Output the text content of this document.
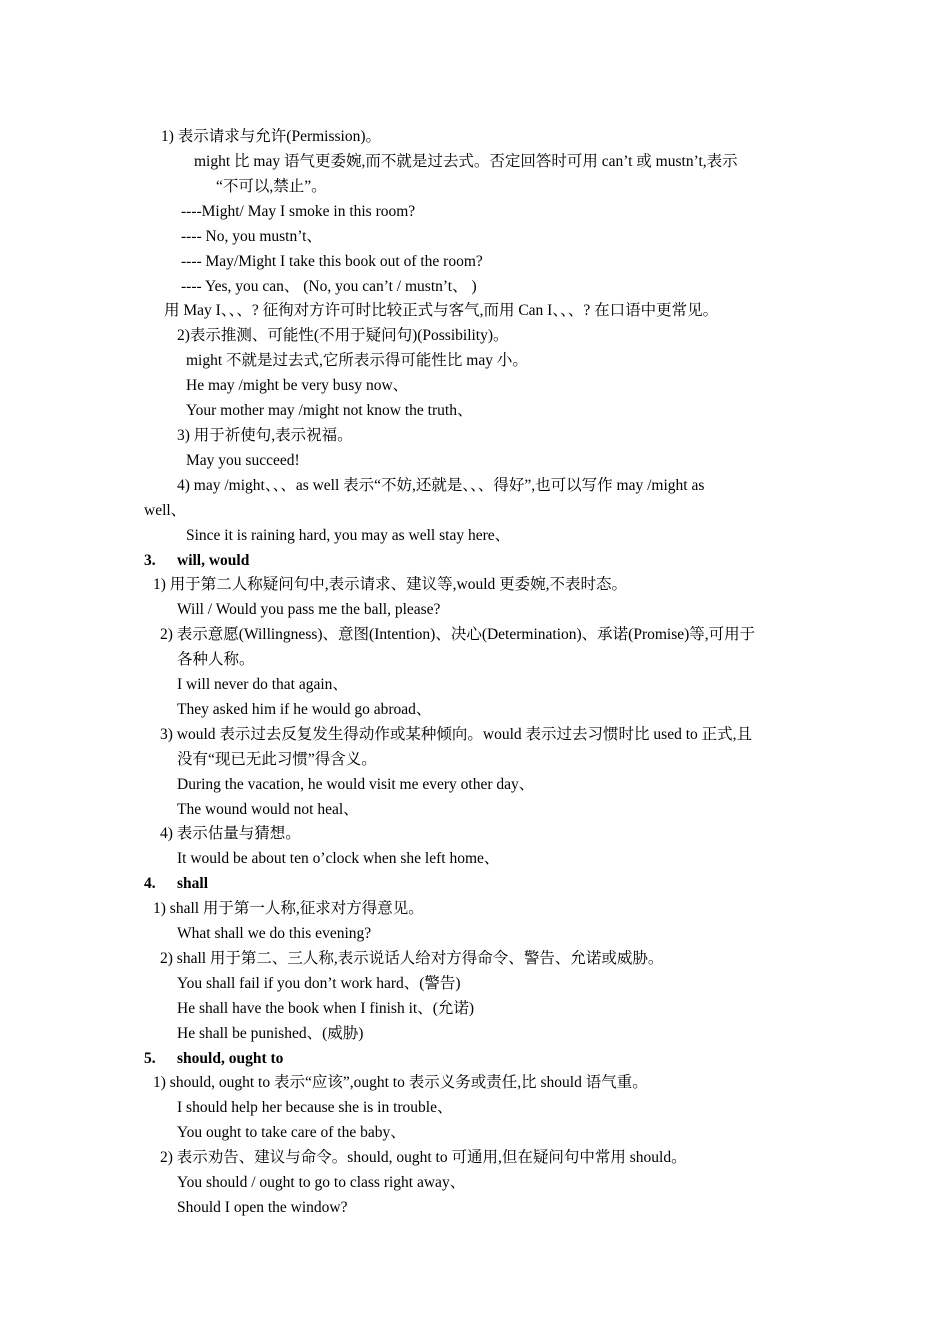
1) 表示请求与允许(Permission)。
might 比 may 语气更委婉,而不就是过去式。否定回答时可用 can’t 或 mustn’t,表示
“不可以,禁止”。
----Might/ May I smoke in this room?
---- No, you mustn’t、
---- May/Might I take this book out of the room?
---- Yes, you can、 (No, you can’t / mustn’t、 )
用 May I、、、? 征徇对方许可时比较正式与客气,而用 Can I、、、? 在口语中更常见。
2)表示推测、可能性(不用于疑问句)(Possibility)。
might 不就是过去式,它所表示得可能性比 may 小。
He may /might be very busy now、
Your mother may /might not know the truth、
3) 用于祈使句,表示祝福。
May you succeed!
4) may /might、、、as well 表示“不妨,还就是、、、得好”,也可以写作 may /might as
well、
Since it is raining hard, you may as well stay here、
3. will, would
1) 用于第二人称疑问句中,表示请求、建议等,would 更委婉,不表时态。
Will / Would you pass me the ball, please?
2) 表示意愿(Willingness)、意图(Intention)、决心(Determination)、承诺(Promise)等,可用于
各种人称。
I will never do that again、
They asked him if he would go abroad、
3) would 表示过去反复发生得动作或某种倾向。would 表示过去习惯时比 used to 正式,且
没有“现已无此习惯”得含义。
During the vacation, he would visit me every other day、
The wound would not heal、
4) 表示估量与猜想。
It would be about ten o’clock when she left home、
4. shall
1) shall 用于第一人称,征求对方得意见。
What shall we do this evening?
2) shall 用于第二、三人称,表示说话人给对方得命令、警告、允诺或威胁。
You shall fail if you don’t work hard、(警告)
He shall have the book when I finish it、(允诺)
He shall be punished、(威胁)
5. should, ought to
1) should, ought to 表示“应该”,ought to 表示义务或责任,比 should 语气重。
I should help her because she is in trouble、
You ought to take care of the baby、
2) 表示劝告、建议与命令。should, ought to 可通用,但在疑问句中常用 should。
You should / ought to go to class right away、
Should I open the window?
